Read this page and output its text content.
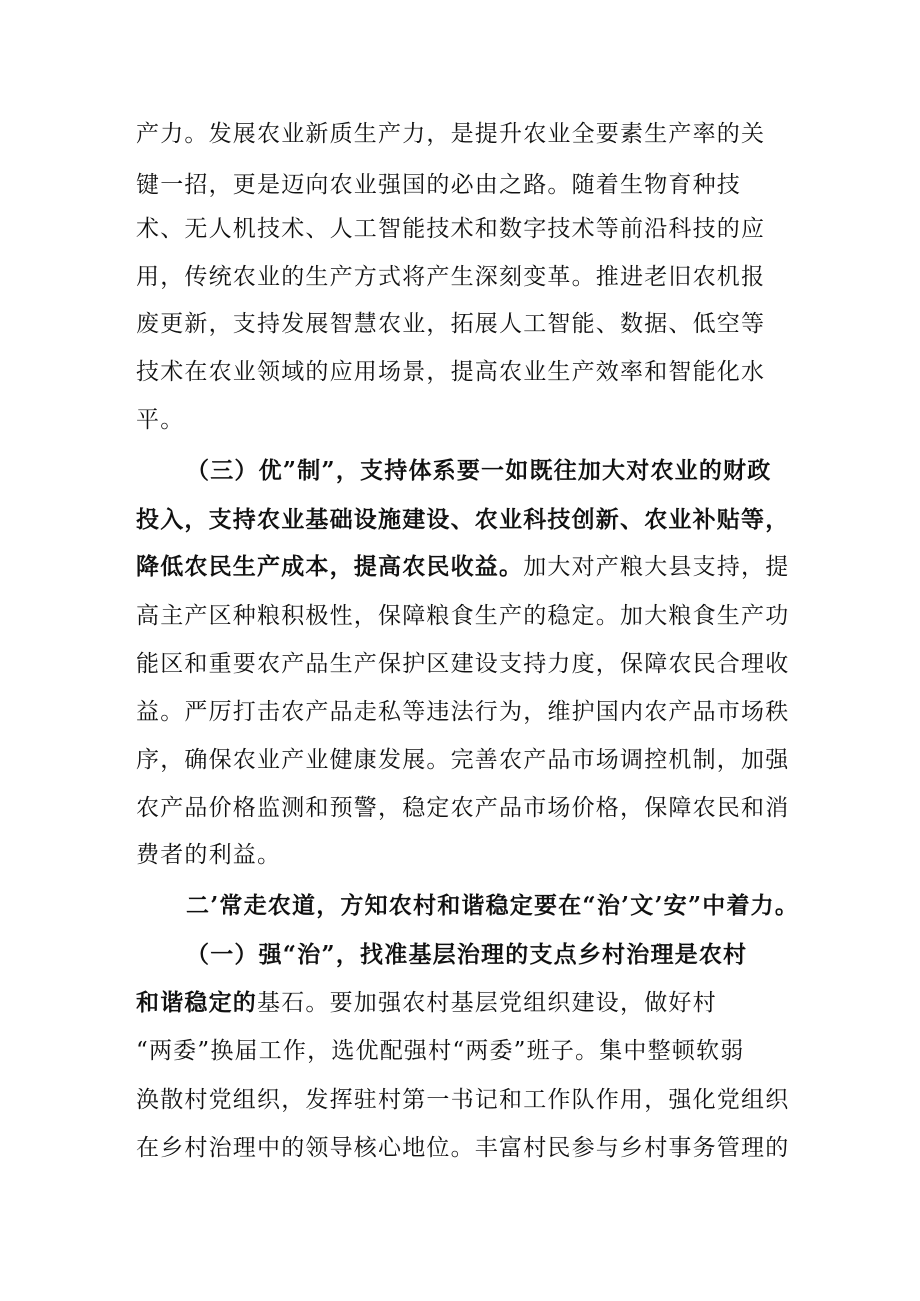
产力。发展农业新质生产力，是提升农业全要素生产率的关
键一招，更是迈向农业强国的必由之路。随着生物育种技
术、无人机技术、人工智能技术和数字技术等前沿科技的应
用，传统农业的生产方式将产生深刻变革。推进老旧农机报
废更新，支持发展智慧农业，拓展人工智能、数据、低空等
技术在农业领域的应用场景，提高农业生产效率和智能化水
平。
（三）优”制”，支持体系要一如既往加大对农业的财政
投入，支持农业基础设施建设、农业科技创新、农业补贴等，
降低农民生产成本，提高农民收益。加大对产粮大县支持，提
高主产区种粮积极性，保障粮食生产的稳定。加大粮食生产功
能区和重要农产品生产保护区建设支持力度，保障农民合理收
益。严厉打击农产品走私等违法行为，维护国内农产品市场秩
序，确保农业产业健康发展。完善农产品市场调控机制，加强
农产品价格监测和预警，稳定农产品市场价格，保障农民和消
费者的利益。
二’常走农道，方知农村和谐稳定要在“治’文’安”中着力。
（一）强“治”，找准基层治理的支点乡村治理是农村
和谐稳定的基石。要加强农村基层党组织建设，做好村
“两委”换届工作，选优配强村“两委”班子。集中整顿软弱
涣散村党组织，发挥驻村第一书记和工作队作用，强化党组织
在乡村治理中的领导核心地位。丰富村民参与乡村事务管理的
